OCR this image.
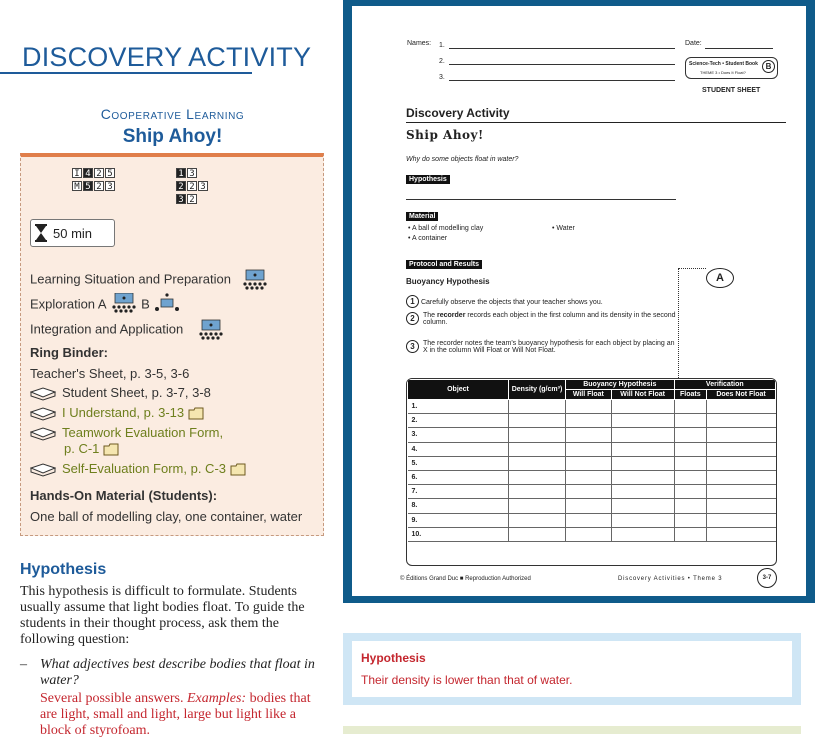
DISCOVERY ACTIVITY
Cooperative Learning
Ship Ahoy!
I 4 2 5
M 5 2 3
1 3
2 2 3
3 2
50 min
Learning Situation and Preparation
Exploration A	B
Integration and Application
Ring Binder:
Teacher's Sheet, p. 3-5, 3-6
Student Sheet, p. 3-7, 3-8
I Understand, p. 3-13
Teamwork Evaluation Form,
p. C-1
Self-Evaluation Form, p. C-3
Hands-On Material (Students):
One ball of modelling clay, one container, water
Hypothesis
This hypothesis is difficult to formulate. Students usually assume that light bodies float. To guide the students in their thought process, ask them the following question:
– What adjectives best describe bodies that float in water?
Several possible answers. Examples: bodies that are light, small and light, large but light like a block of styrofoam.
Names: 1.
2.
3.
Date:
Science-Tech • Student Book
THEME 3 • Does It Float?
B
STUDENT SHEET
Discovery Activity
Ship Ahoy!
Why do some objects float in water?
Hypothesis
Material
• A ball of modelling clay
• A container
• Water
Protocol and Results
Buoyancy Hypothesis	A
1 Carefully observe the objects that your teacher shows you.
2	The recorder records each object in the first column and its density in the second column.
3	The recorder notes the team's buoyancy hypothesis for each object by placing an X in the column Will Float or Will Not Float.
Object	Density (g/cm³)	Buoyancy Hypothesis		Verification	
		Will Float	Will Not Float	Floats	Does Not Float
1.					
2.					
3.					
4.					
5.					
6.					
7.					
8.					
9.					
10.					
© Éditions Grand Duc ■ Reproduction Authorized	Discovery Activities • Theme 3	3-7
Hypothesis
Their density is lower than that of water.
